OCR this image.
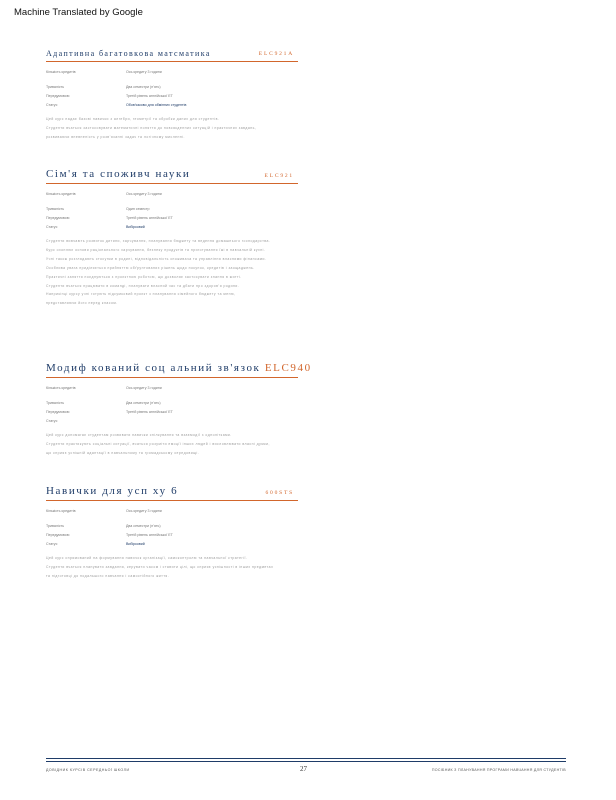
Machine Translated by Google
Адаптивна багатовкова матсматика	ELC921A
Кількість кредитів	Ось кредиту 3 години
Тривалість	Два семестри (п’ять)
Передумовою	Третій рівень англійської ЕТ
Статус	Обов’язково для обмінних студентів
Цей курс надає базові навички з алгебри, геометрії та обробки даних для студентів.
Студенти вчаться застосовувати математичні поняття до повсякденних ситуацій і практичних завдань,
розвиваючи впевненість у розв’язанні задач та логічному мисленні.
Сім'я та споживч науки	ELC921
Кількість кредитів	Ось кредиту 3 години
Тривалість	Один семестр
Передумовою	Третій рівень англійської ЕТ
Статус	Вибірковий
Студенти вивчають розвиток дитини, харчування, планування бюджету та ведення домашнього господарства.
Курс охоплює основи раціонального харчування, безпеку продуктів та приготування їжі в навчальній кухні.
Учні також розглядають стосунки в родині, відповідальність споживача та управління власними фінансами.
Особлива увага приділяється прийняттю обґрунтованих рішень щодо покупок, кредитів і заощаджень.
Практичні заняття поєднуються з проєктною роботою, що дозволяє застосувати знання в житті.
Студенти вчаться працювати в команді, планувати власний час та дбати про здоров’я родини.
Наприкінці курсу учні готують підсумковий проєкт з планування сімейного бюджету та меню,
представляючи його перед класом.
Модиф кований соц альний зв'язок ELC940
Кількість кредитів	Ось кредиту 3 години
Тривалість	Два семестри (п’ять)
Передумовою	Третій рівень англійської ЕТ
Статус
Цей курс допомагає студентам розвивати навички спілкування та взаємодії з однолітками.
Студенти практикують соціальні ситуації, вчаться розуміти емоції інших людей і висловлювати власні думки,
що сприяє успішній адаптації в навчальному та громадському середовищі.
Навички для усп ху 6	600STS
Кількість кредитів	Ось кредиту 3 години
Тривалість	Два семестри (п’ять)
Передумовою	Третій рівень англійської ЕТ
Статус	Вибірковий
Цей курс спрямований на формування навичок організації, самоконтролю та навчальної стратегії.
Студенти вчаться планувати завдання, керувати часом і ставити цілі, що сприяє успішності в інших предметах
та підготовці до подальшого навчання і самостійного життя.
ДОВІДНИК КУРСІВ СЕРЕДНЬОЇ ШКОЛИ	27	ПОСІБНИК З ПЛАНУВАННЯ ПРОГРАМИ НАВЧАННЯ ДЛЯ СТУДЕНТІВ
